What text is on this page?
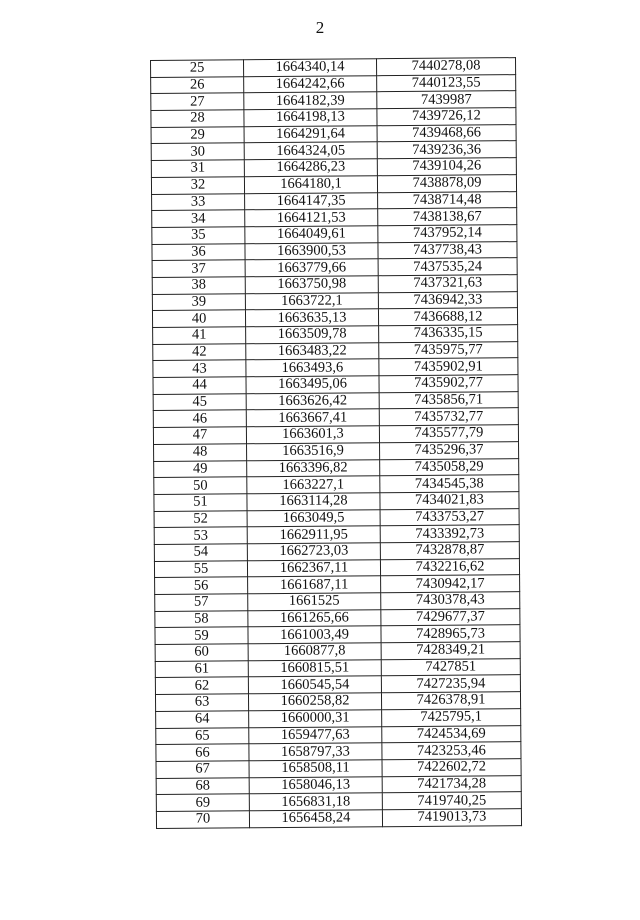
2
25	1664340,14	7440278,08
26	1664242,66	7440123,55
27	1664182,39	7439987
28	1664198,13	7439726,12
29	1664291,64	7439468,66
30	1664324,05	7439236,36
31	1664286,23	7439104,26
32	1664180,1	7438878,09
33	1664147,35	7438714,48
34	1664121,53	7438138,67
35	1664049,61	7437952,14
36	1663900,53	7437738,43
37	1663779,66	7437535,24
38	1663750,98	7437321,63
39	1663722,1	7436942,33
40	1663635,13	7436688,12
41	1663509,78	7436335,15
42	1663483,22	7435975,77
43	1663493,6	7435902,91
44	1663495,06	7435902,77
45	1663626,42	7435856,71
46	1663667,41	7435732,77
47	1663601,3	7435577,79
48	1663516,9	7435296,37
49	1663396,82	7435058,29
50	1663227,1	7434545,38
51	1663114,28	7434021,83
52	1663049,5	7433753,27
53	1662911,95	7433392,73
54	1662723,03	7432878,87
55	1662367,11	7432216,62
56	1661687,11	7430942,17
57	1661525	7430378,43
58	1661265,66	7429677,37
59	1661003,49	7428965,73
60	1660877,8	7428349,21
61	1660815,51	7427851
62	1660545,54	7427235,94
63	1660258,82	7426378,91
64	1660000,31	7425795,1
65	1659477,63	7424534,69
66	1658797,33	7423253,46
67	1658508,11	7422602,72
68	1658046,13	7421734,28
69	1656831,18	7419740,25
70	1656458,24	7419013,73
